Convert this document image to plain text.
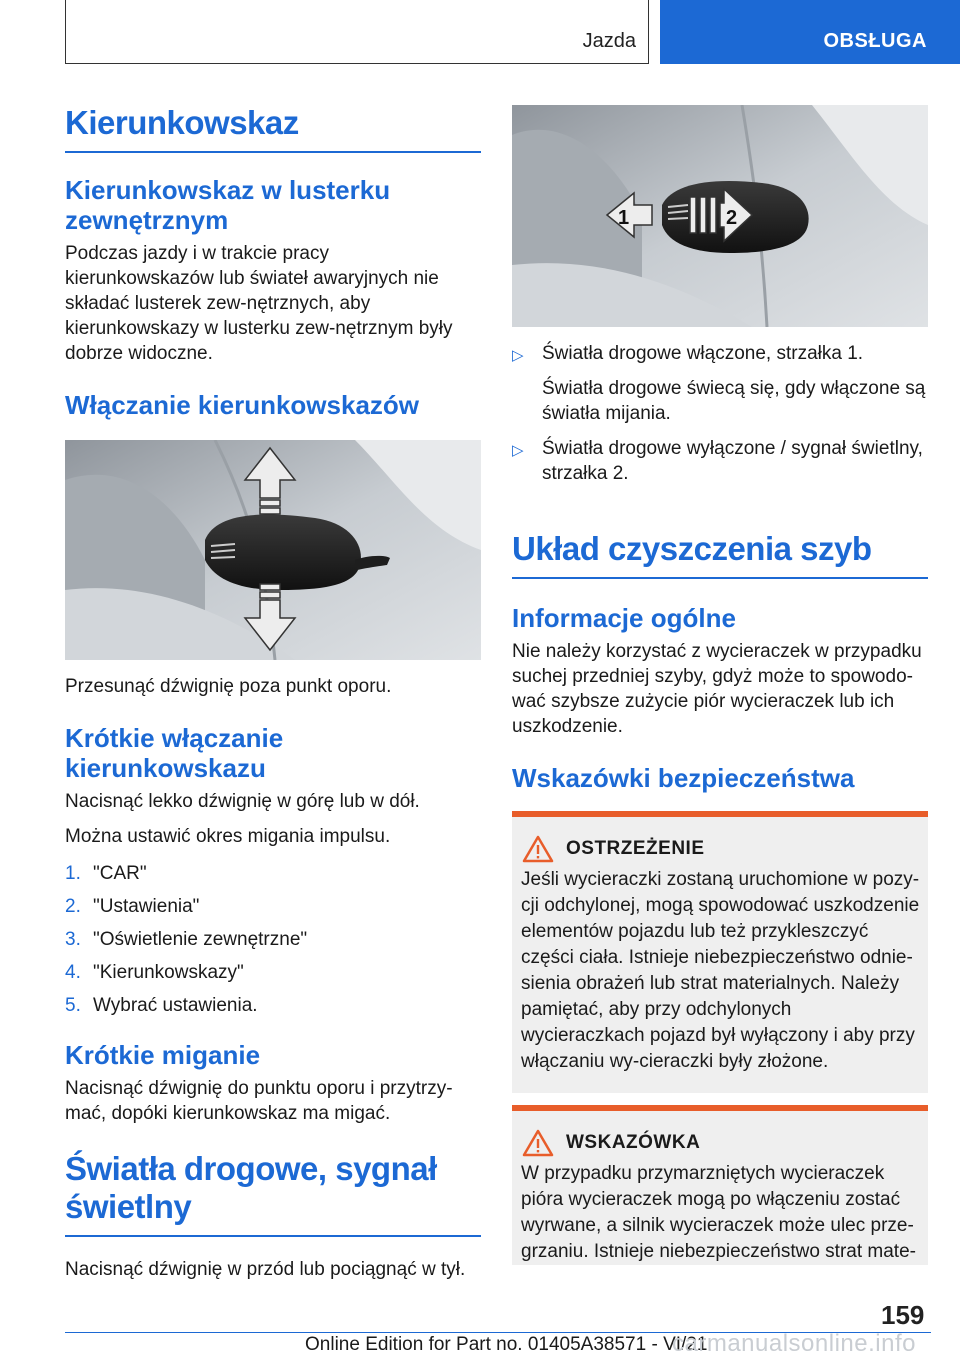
Jazda	OBSŁUGA
Kierunkowskaz
Kierunkowskaz w lusterku zewnętrznym

Podczas jazdy i w trakcie pracy kierunkowskazów lub świateł awaryjnych nie składać lusterek zew‐nętrznych, aby kierunkowskazy w lusterku zew‐nętrznym były dobrze widoczne.

Włączanie kierunkowskazów

Przesunąć dźwignię poza punkt oporu.

Krótkie włączanie kierunkowskazu

Nacisnąć lekko dźwignię w górę lub w dół.

Można ustawić okres migania impulsu.

1. "CAR"
2. "Ustawienia"
3. "Oświetlenie zewnętrzne"
4. "Kierunkowskazy"
5. Wybrać ustawienia.
Krótkie miganie

Nacisnąć dźwignię do punktu oporu i przytrzy‐mać, dopóki kierunkowskaz ma migać.

Światła drogowe, sygnał świetlny

Nacisnąć dźwignię w przód lub pociągnąć w tył.

1	2
▷ Światła drogowe włączone, strzałka 1.

Światła drogowe świecą się, gdy włączone są światła mijania.

▷ Światła drogowe wyłączone / sygnał świetlny, strzałka 2.
Układ czyszczenia szyb
Informacje ogólne

Nie należy korzystać z wycieraczek w przypadku suchej przedniej szyby, gdyż może to spowodo‐wać szybsze zużycie piór wycieraczek lub ich uszkodzenie.

Wskazówki bezpieczeństwa
OSTRZEŻENIE
Jeśli wycieraczki zostaną uruchomione w pozy‐cji odchylonej, mogą spowodować uszkodzenie elementów pojazdu lub też przykleszczyć części ciała. Istnieje niebezpieczeństwo odnie‐sienia obrażeń lub strat materialnych. Należy pamiętać, aby przy odchylonych wycieraczkach pojazd był wyłączony i aby przy włączaniu wy‐cieraczki były złożone.
WSKAZÓWKA
W przypadku przymarzniętych wycieraczek pióra wycieraczek mogą po włączeniu zostać wyrwane, a silnik wycieraczek może ulec prze‐grzaniu. Istnieje niebezpieczeństwo strat mate-
159
Online Edition for Part no. 01405A38571 - VI/21
carmanualsonline.info
